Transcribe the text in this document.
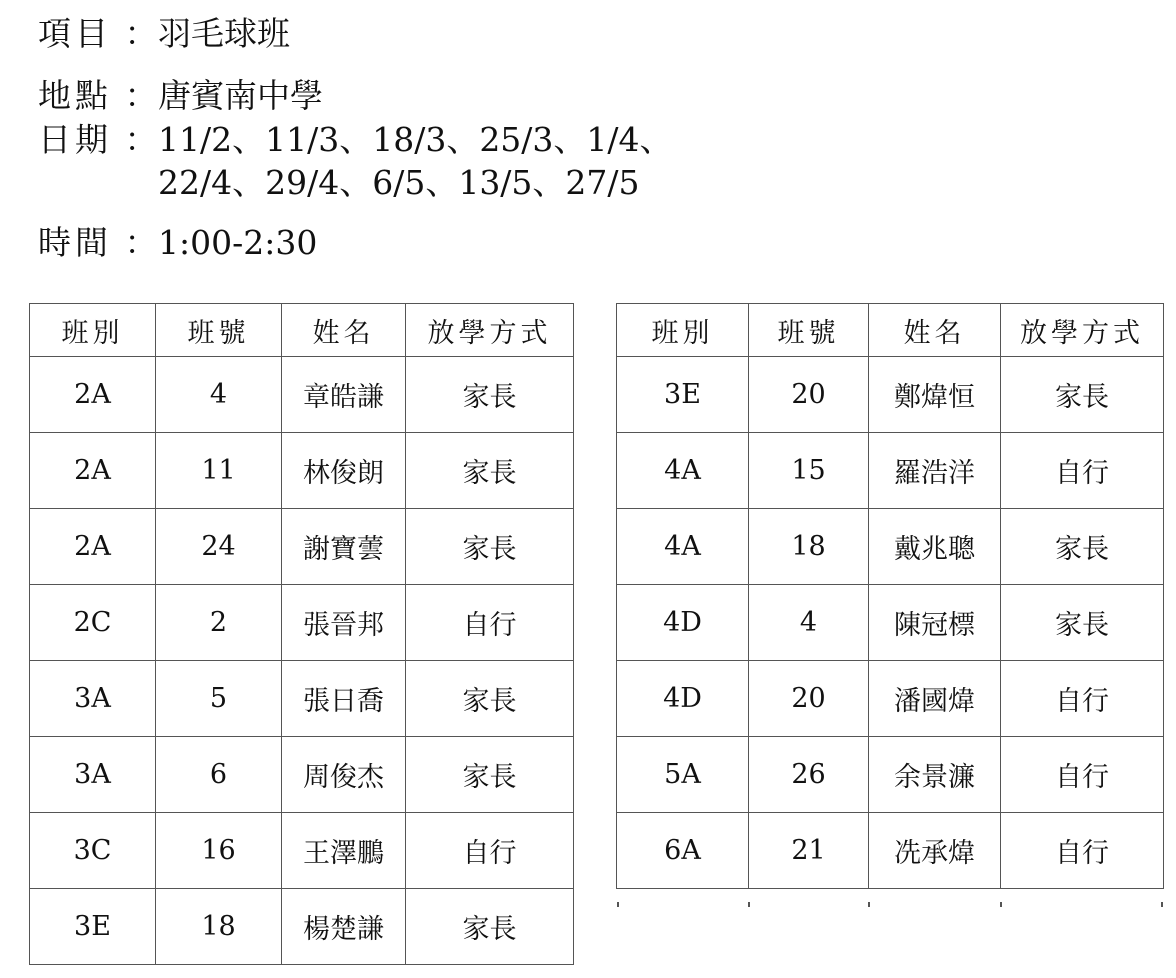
項目 ：羽毛球班
地點 ：唐賓南中學
日期 ：11/2、11/3、18/3、25/3、1/4、
22/4、29/4、6/5、13/5、27/5
時間 ：1:00-2:30
班別	班號	姓名	放學方式
2A	4	章皓謙	家長
2A	11	林俊朗	家長
2A	24	謝寶蕓	家長
2C	2	張晉邦	自行
3A	5	張日喬	家長
3A	6	周俊杰	家長
3C	16	王澤鵬	自行
3E	18	楊楚謙	家長
班別	班號	姓名	放學方式
3E	20	鄭煒恒	家長
4A	15	羅浩洋	自行
4A	18	戴兆聰	家長
4D	4	陳冠標	家長
4D	20	潘國煒	自行
5A	26	余景濂	自行
6A	21	冼承煒	自行
